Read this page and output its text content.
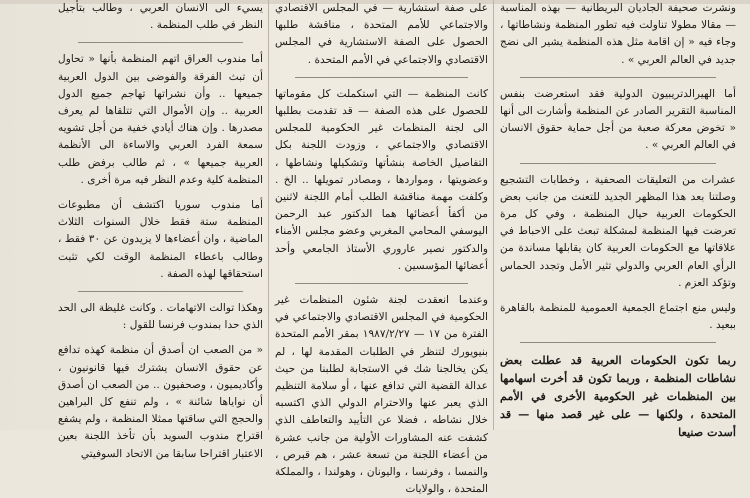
ونشرت صحيفة الجاديان البريطانية — بهذه المناسبة — مقالا مطولا تناولت فيه تطور المنظمة ونشاطاتها ، وجاء فيه « إن اقامة مثل هذه المنظمة يشير الى نضج جديد في العالم العربي » .

أما الهيرالدتريبيون الدولية فقد استعرضت بنفس المناسبة التقرير الصادر عن المنظمة وأشارت الى أنها « تخوض معركة صعبة من أجل حماية حقوق الانسان في العالم العربي » .

عشرات من التعليقات الصحفية ، وخطابات التشجيع وصلتنا بعد هذا المظهر الجديد للتعنت من جانب بعض الحكومات العربية حيال المنظمة ، وفي كل مرة تعرضت فيها المنظمة لمشكلة تبعث على الاحباط في علاقاتها مع الحكومات العربية كان يقابلها مساندة من الرأي العام العربي والدولي تثير الأمل وتجدد الحماس وتؤكد العزم .

وليس منع اجتماع الجمعية العمومية للمنظمة بالقاهرة ببعيد .

ربما تكون الحكومات العربية قد عطلت بعض نشاطات المنظمة ، وربما تكون قد أخرت اسهامها بين المنظمات غير الحكومية الأخرى في الأمم المتحدة ، ولكنها — على غير قصد منها — قد أسدت صنيعا

على صفة استشارية — في المجلس الاقتصادي والاجتماعي للأمم المتحدة ، مناقشة طلبها الحصول على الصفة الاستشارية في المجلس الاقتصادي والاجتماعي في الأمم المتحدة .

كانت المنظمة — التي استكملت كل مقوماتها للحصول على هذه الصفة — قد تقدمت بطلبها الى لجنة المنظمات غير الحكومية للمجلس الاقتصادي والاجتماعي ، وزودت اللجنة بكل التفاصيل الخاصة بنشأتها وتشكيلها ونشاطها ، وعضويتها ، ومواردها ، ومصادر تمويلها .. الخ . وكلفت مهمة مناقشة الطلب أمام اللجنة لاثنين من أكفأ أعضائها هما الدكتور عبد الرحمن اليوسفي المحامي المغربي وعضو مجلس الأمناء والدكتور نصير عاروري الأستاذ الجامعي وأحد أعضائها المؤسسين .

وعندما انعقدت لجنة شئون المنظمات غير الحكومية في المجلس الاقتصادي والاجتماعي في الفترة من ١٧ — ١٩٨٧/٢/٢٧ بمقر الأمم المتحدة بنيويورك لتنظر في الطلبات المقدمة لها ، لم يكن يخالجنا شك في الاستجابة لطلبنا من حيث عدالة القضية التي تدافع عنها ، أو سلامة التنظيم الذي يعبر عنها والاحترام الدولي الذي اكتسبه خلال نشاطه ، فضلا عن التأييد والتعاطف الذي كشفت عنه المشاورات الأولية من جانب عشرة من أعضاء اللجنة من تسعة عشر ، هم قبرص ، والنمسا ، وفرنسا ، واليونان ، وهولندا ، والمملكة المتحدة ، والولايات

يسيء الى الانسان العربي ، وطالب بتأجيل النظر في طلب المنظمة .

أما مندوب العراق اتهم المنظمة بأنها « تحاول أن تبث الفرقة والفوضى بين الدول العربية جميعها .. وأن نشراتها تهاجم جميع الدول العربية .. وإن الأموال التي تتلقاها لم يعرف مصدرها . وإن هناك أيادي خفية من أجل تشويه سمعة الفرد العربي والاساءة الى الأنظمة العربية جميعها » ، ثم طالب برفض طلب المنظمة كلية وعدم النظر فيه مرة أخرى .

أما مندوب سوريا اكتشف أن مطبوعات المنظمة ستة فقط خلال السنوات الثلاث الماضية ، وان أعضاءها لا يزيدون عن ٣٠ فقط ، وطالب باعطاء المنظمة الوقت لكي تثبت استحقاقها لهذه الصفة .

وهكذا توالت الاتهامات . وكانت غليظة الى الحد الذي حدا بمندوب فرنسا للقول :

« من الصعب ان أصدق أن منظمة كهذه تدافع عن حقوق الانسان يشترك فيها قانونيون ، وأكاديميون ، وصحفيون .. من الصعب ان أصدق أن نواياها شائنة » ، ولم تنفع كل البراهين والحجج التي ساقتها ممثلا المنظمة ، ولم يشفع اقتراح مندوب السويد بأن تأخذ اللجنة بعين الاعتبار اقتراحا سابقا من الاتحاد السوفيتي
